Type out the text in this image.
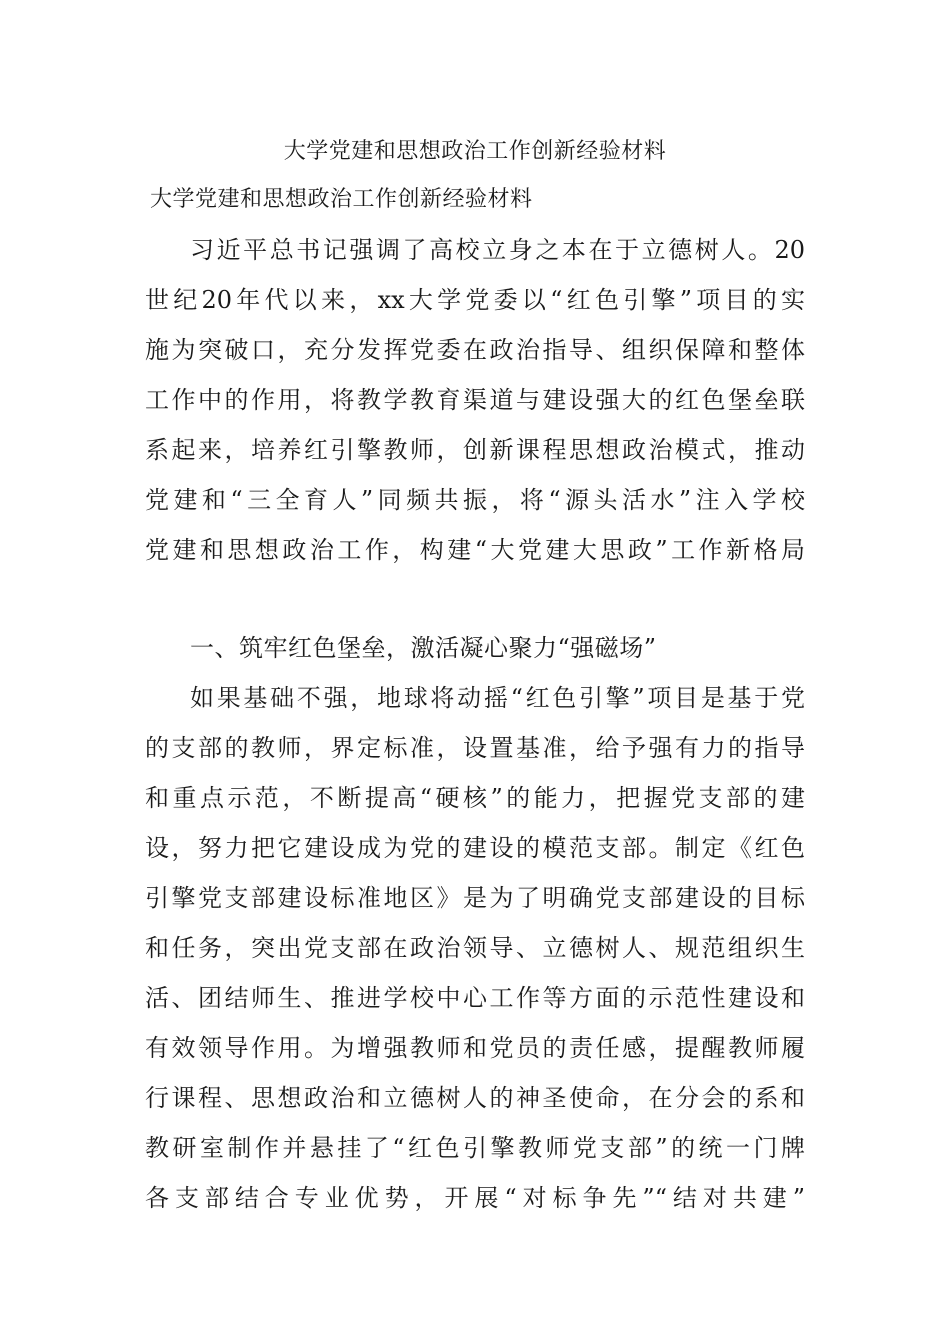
大学党建和思想政治工作创新经验材料
大学党建和思想政治工作创新经验材料
习近平总书记强调了高校立身之本在于立德树人。20
世纪20年代以来，xx大学党委以“红色引擎”项目的实
施为突破口，充分发挥党委在政治指导、组织保障和整体
工作中的作用，将教学教育渠道与建设强大的红色堡垒联
系起来，培养红引擎教师，创新课程思想政治模式，推动
党建和“三全育人”同频共振，将“源头活水”注入学校
党建和思想政治工作，构建“大党建大思政”工作新格局
一、筑牢红色堡垒，激活凝心聚力“强磁场”
如果基础不强，地球将动摇“红色引擎”项目是基于党
的支部的教师，界定标准，设置基准，给予强有力的指导
和重点示范，不断提高“硬核”的能力，把握党支部的建
设，努力把它建设成为党的建设的模范支部。制定《红色
引擎党支部建设标准地区》是为了明确党支部建设的目标
和任务，突出党支部在政治领导、立德树人、规范组织生
活、团结师生、推进学校中心工作等方面的示范性建设和
有效领导作用。为增强教师和党员的责任感，提醒教师履
行课程、思想政治和立德树人的神圣使命，在分会的系和
教研室制作并悬挂了“红色引擎教师党支部”的统一门牌
各支部结合专业优势，开展“对标争先”“结对共建”
